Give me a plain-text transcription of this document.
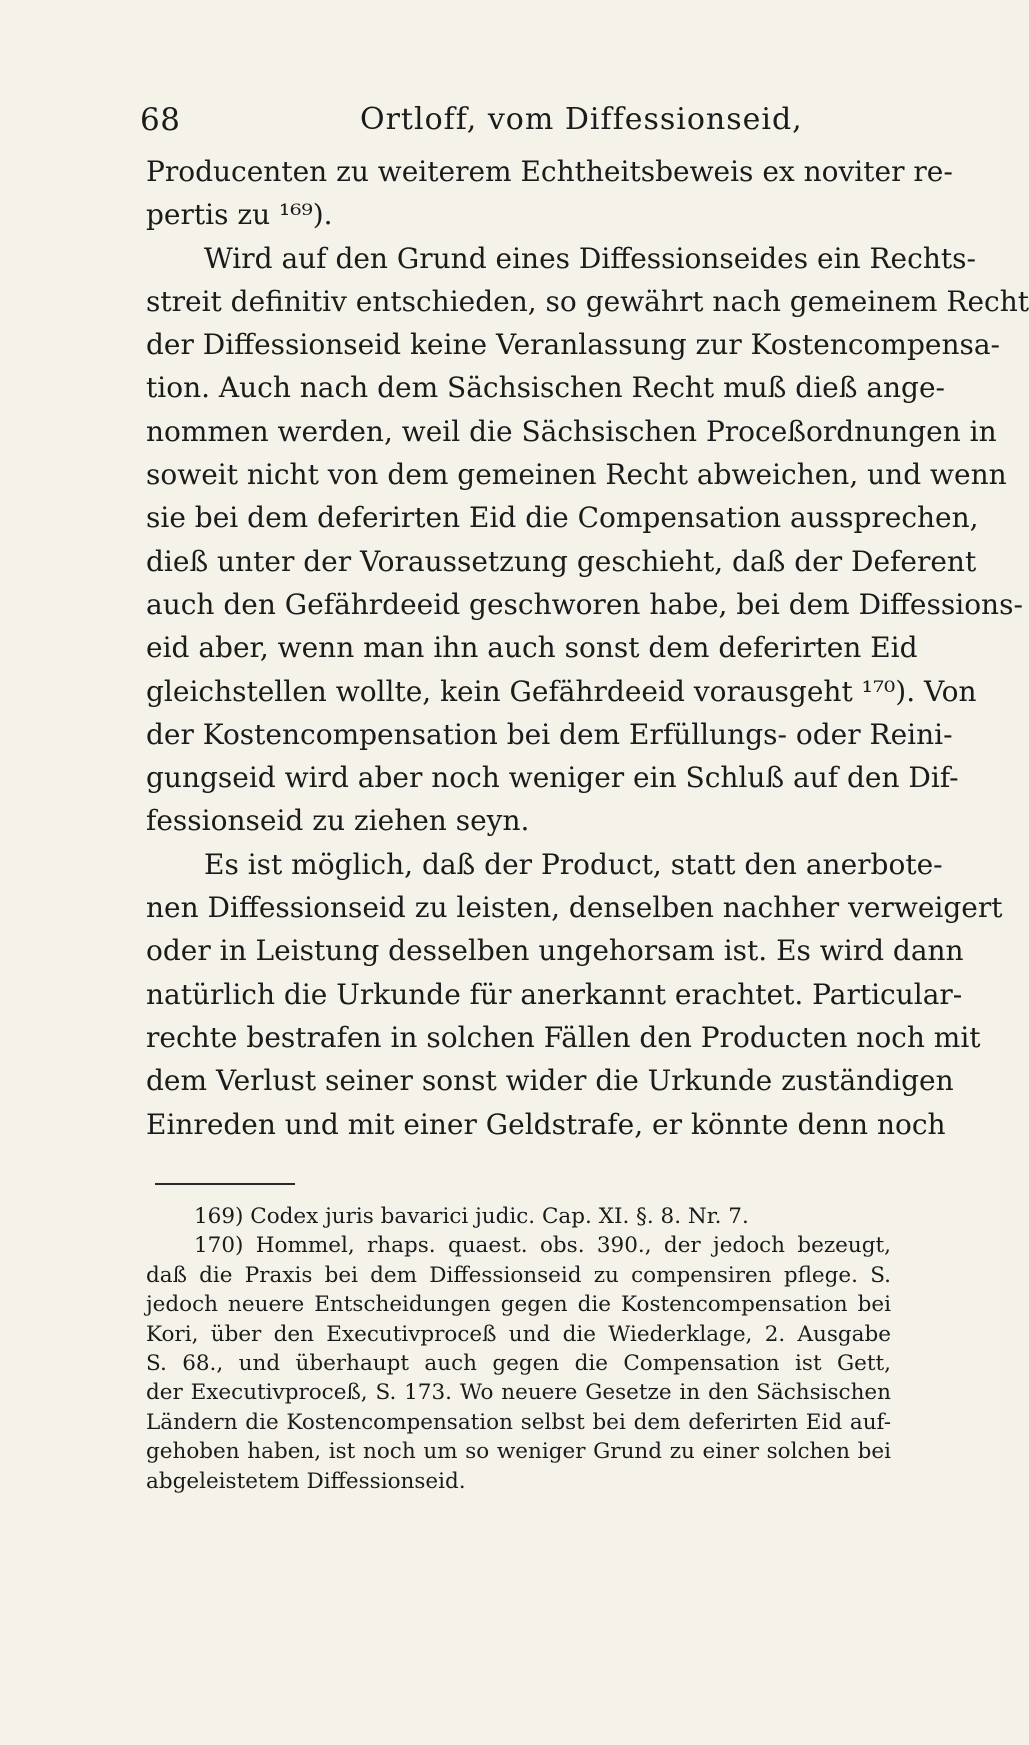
68	Ortloff, vom Diffessionseid,
Producenten zu weiterem Echtheitsbeweis ex noviter re-
pertis zu ¹⁶⁹).
Wird auf den Grund eines Diffessionseides ein Rechts-
streit definitiv entschieden, so gewährt nach gemeinem Recht
der Diffessionseid keine Veranlassung zur Kostencompensa-
tion. Auch nach dem Sächsischen Recht muß dieß ange-
nommen werden, weil die Sächsischen Proceßordnungen in
soweit nicht von dem gemeinen Recht abweichen, und wenn
sie bei dem deferirten Eid die Compensation aussprechen,
dieß unter der Voraussetzung geschieht, daß der Deferent
auch den Gefährdeeid geschworen habe, bei dem Diffessions-
eid aber, wenn man ihn auch sonst dem deferirten Eid
gleichstellen wollte, kein Gefährdeeid vorausgeht ¹⁷⁰). Von
der Kostencompensation bei dem Erfüllungs- oder Reini-
gungseid wird aber noch weniger ein Schluß auf den Dif-
fessionseid zu ziehen seyn.
Es ist möglich, daß der Product, statt den anerbote-
nen Diffessionseid zu leisten, denselben nachher verweigert
oder in Leistung desselben ungehorsam ist. Es wird dann
natürlich die Urkunde für anerkannt erachtet. Particular-
rechte bestrafen in solchen Fällen den Producten noch mit
dem Verlust seiner sonst wider die Urkunde zuständigen
Einreden und mit einer Geldstrafe, er könnte denn noch
169) Codex juris bavarici judic. Cap. XI. §. 8. Nr. 7.
170) Hommel, rhaps. quaest. obs. 390., der jedoch bezeugt,
daß die Praxis bei dem Diffessionseid zu compensiren pflege. S.
jedoch neuere Entscheidungen gegen die Kostencompensation bei
Kori, über den Executivproceß und die Wiederklage, 2. Ausgabe
S. 68., und überhaupt auch gegen die Compensation ist Gett,
der Executivproceß, S. 173. Wo neuere Gesetze in den Sächsischen
Ländern die Kostencompensation selbst bei dem deferirten Eid auf-
gehoben haben, ist noch um so weniger Grund zu einer solchen bei
abgeleistetem Diffessionseid.
